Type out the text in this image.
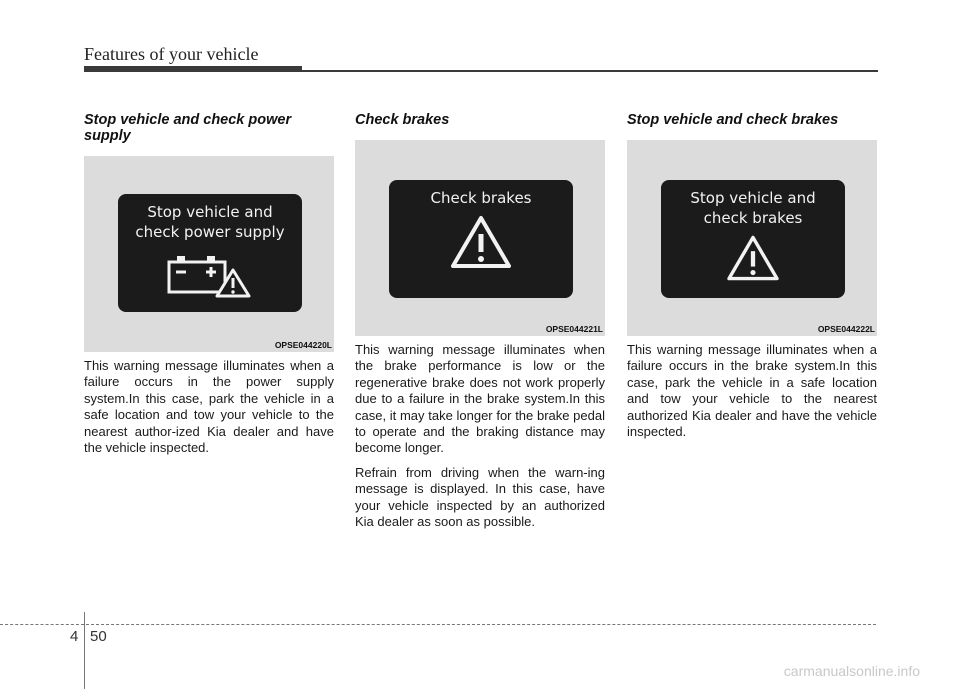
Features of your vehicle
Stop vehicle and check power supply
Stop vehicle and
check power supply
OPSE044220L

This warning message illuminates when a failure occurs in the power supply system.In this case, park the vehicle in a safe location and tow your vehicle to the nearest author-ized Kia dealer and have the vehicle inspected.

Check brakes
Check brakes
OPSE044221L

This warning message illuminates when the brake performance is low or the regenerative brake does not work properly due to a failure in the brake system.In this case, it may take longer for the brake pedal to operate and the braking distance may become longer.

Refrain from driving when the warn-ing message is displayed. In this case, have your vehicle inspected by an authorized Kia dealer as soon as possible.

Stop vehicle and check brakes
Stop vehicle and
check brakes
OPSE044222L

This warning message illuminates when a failure occurs in the brake system.In this case, park the vehicle in a safe location and tow your vehicle to the nearest authorized Kia dealer and have the vehicle inspected.

4 50
carmanualsonline.info
